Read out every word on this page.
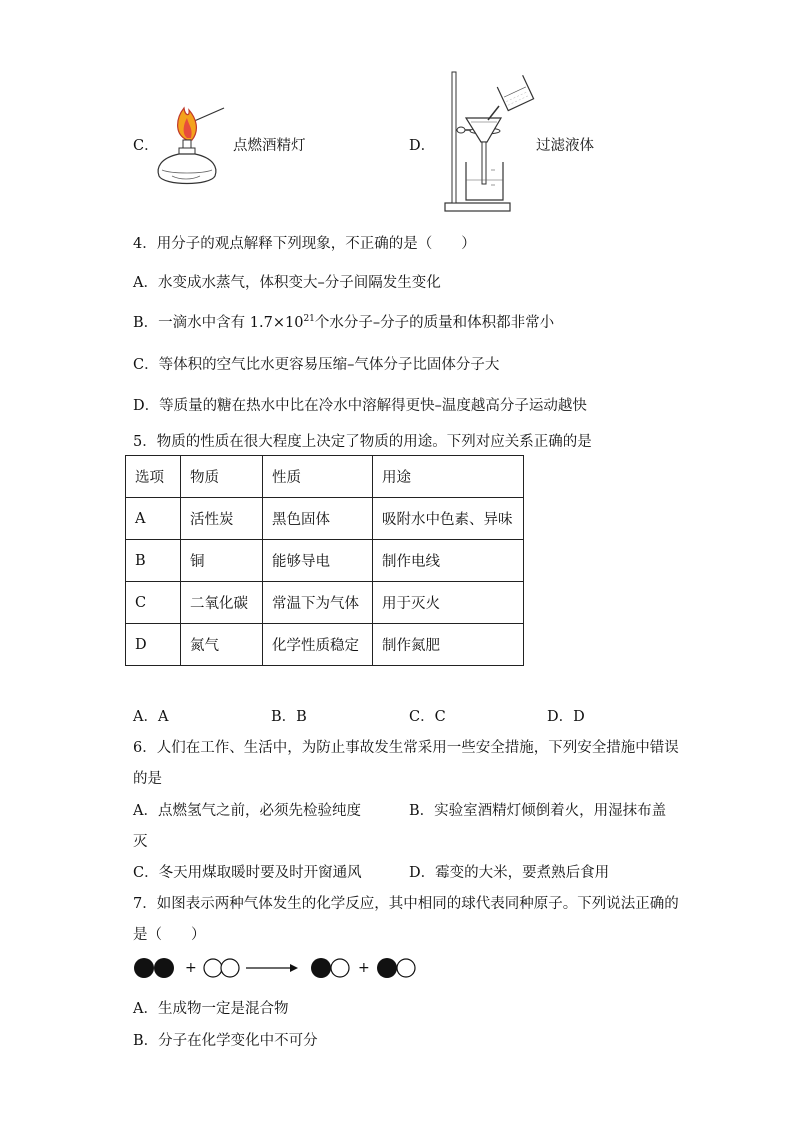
C．	点燃酒精灯	D．	过滤液体
4．用分子的观点解释下列现象，不正确的是（　　）
A．水变成水蒸气，体积变大–分子间隔发生变化
B．一滴水中含有 $1.7\times 10^{21}$个水分子–分子的质量和体积都非常小
C．等体积的空气比水更容易压缩–气体分子比固体分子大
D．等质量的糖在热水中比在冷水中溶解得更快–温度越高分子运动越快
5．物质的性质在很大程度上决定了物质的用途。下列对应关系正确的是
选项	物质	性质	用途
A	活性炭	黑色固体	吸附水中色素、异味
B	铜	能够导电	制作电线
C	二氧化碳	常温下为气体	用于灭火
D	氮气	化学性质稳定	制作氮肥
A．A	B．B	C．C	D．D
6．人们在工作、生活中，为防止事故发生常采用一些安全措施，下列安全措施中错误
的是
A．点燃氢气之前，必须先检验纯度	B．实验室酒精灯倾倒着火，用湿抹布盖
灭
C．冬天用煤取暖时要及时开窗通风	D．霉变的大米，要煮熟后食用
7．如图表示两种气体发生的化学反应，其中相同的球代表同种原子。下列说法正确的
是（　　）
+	+
A．生成物一定是混合物
B．分子在化学变化中不可分
